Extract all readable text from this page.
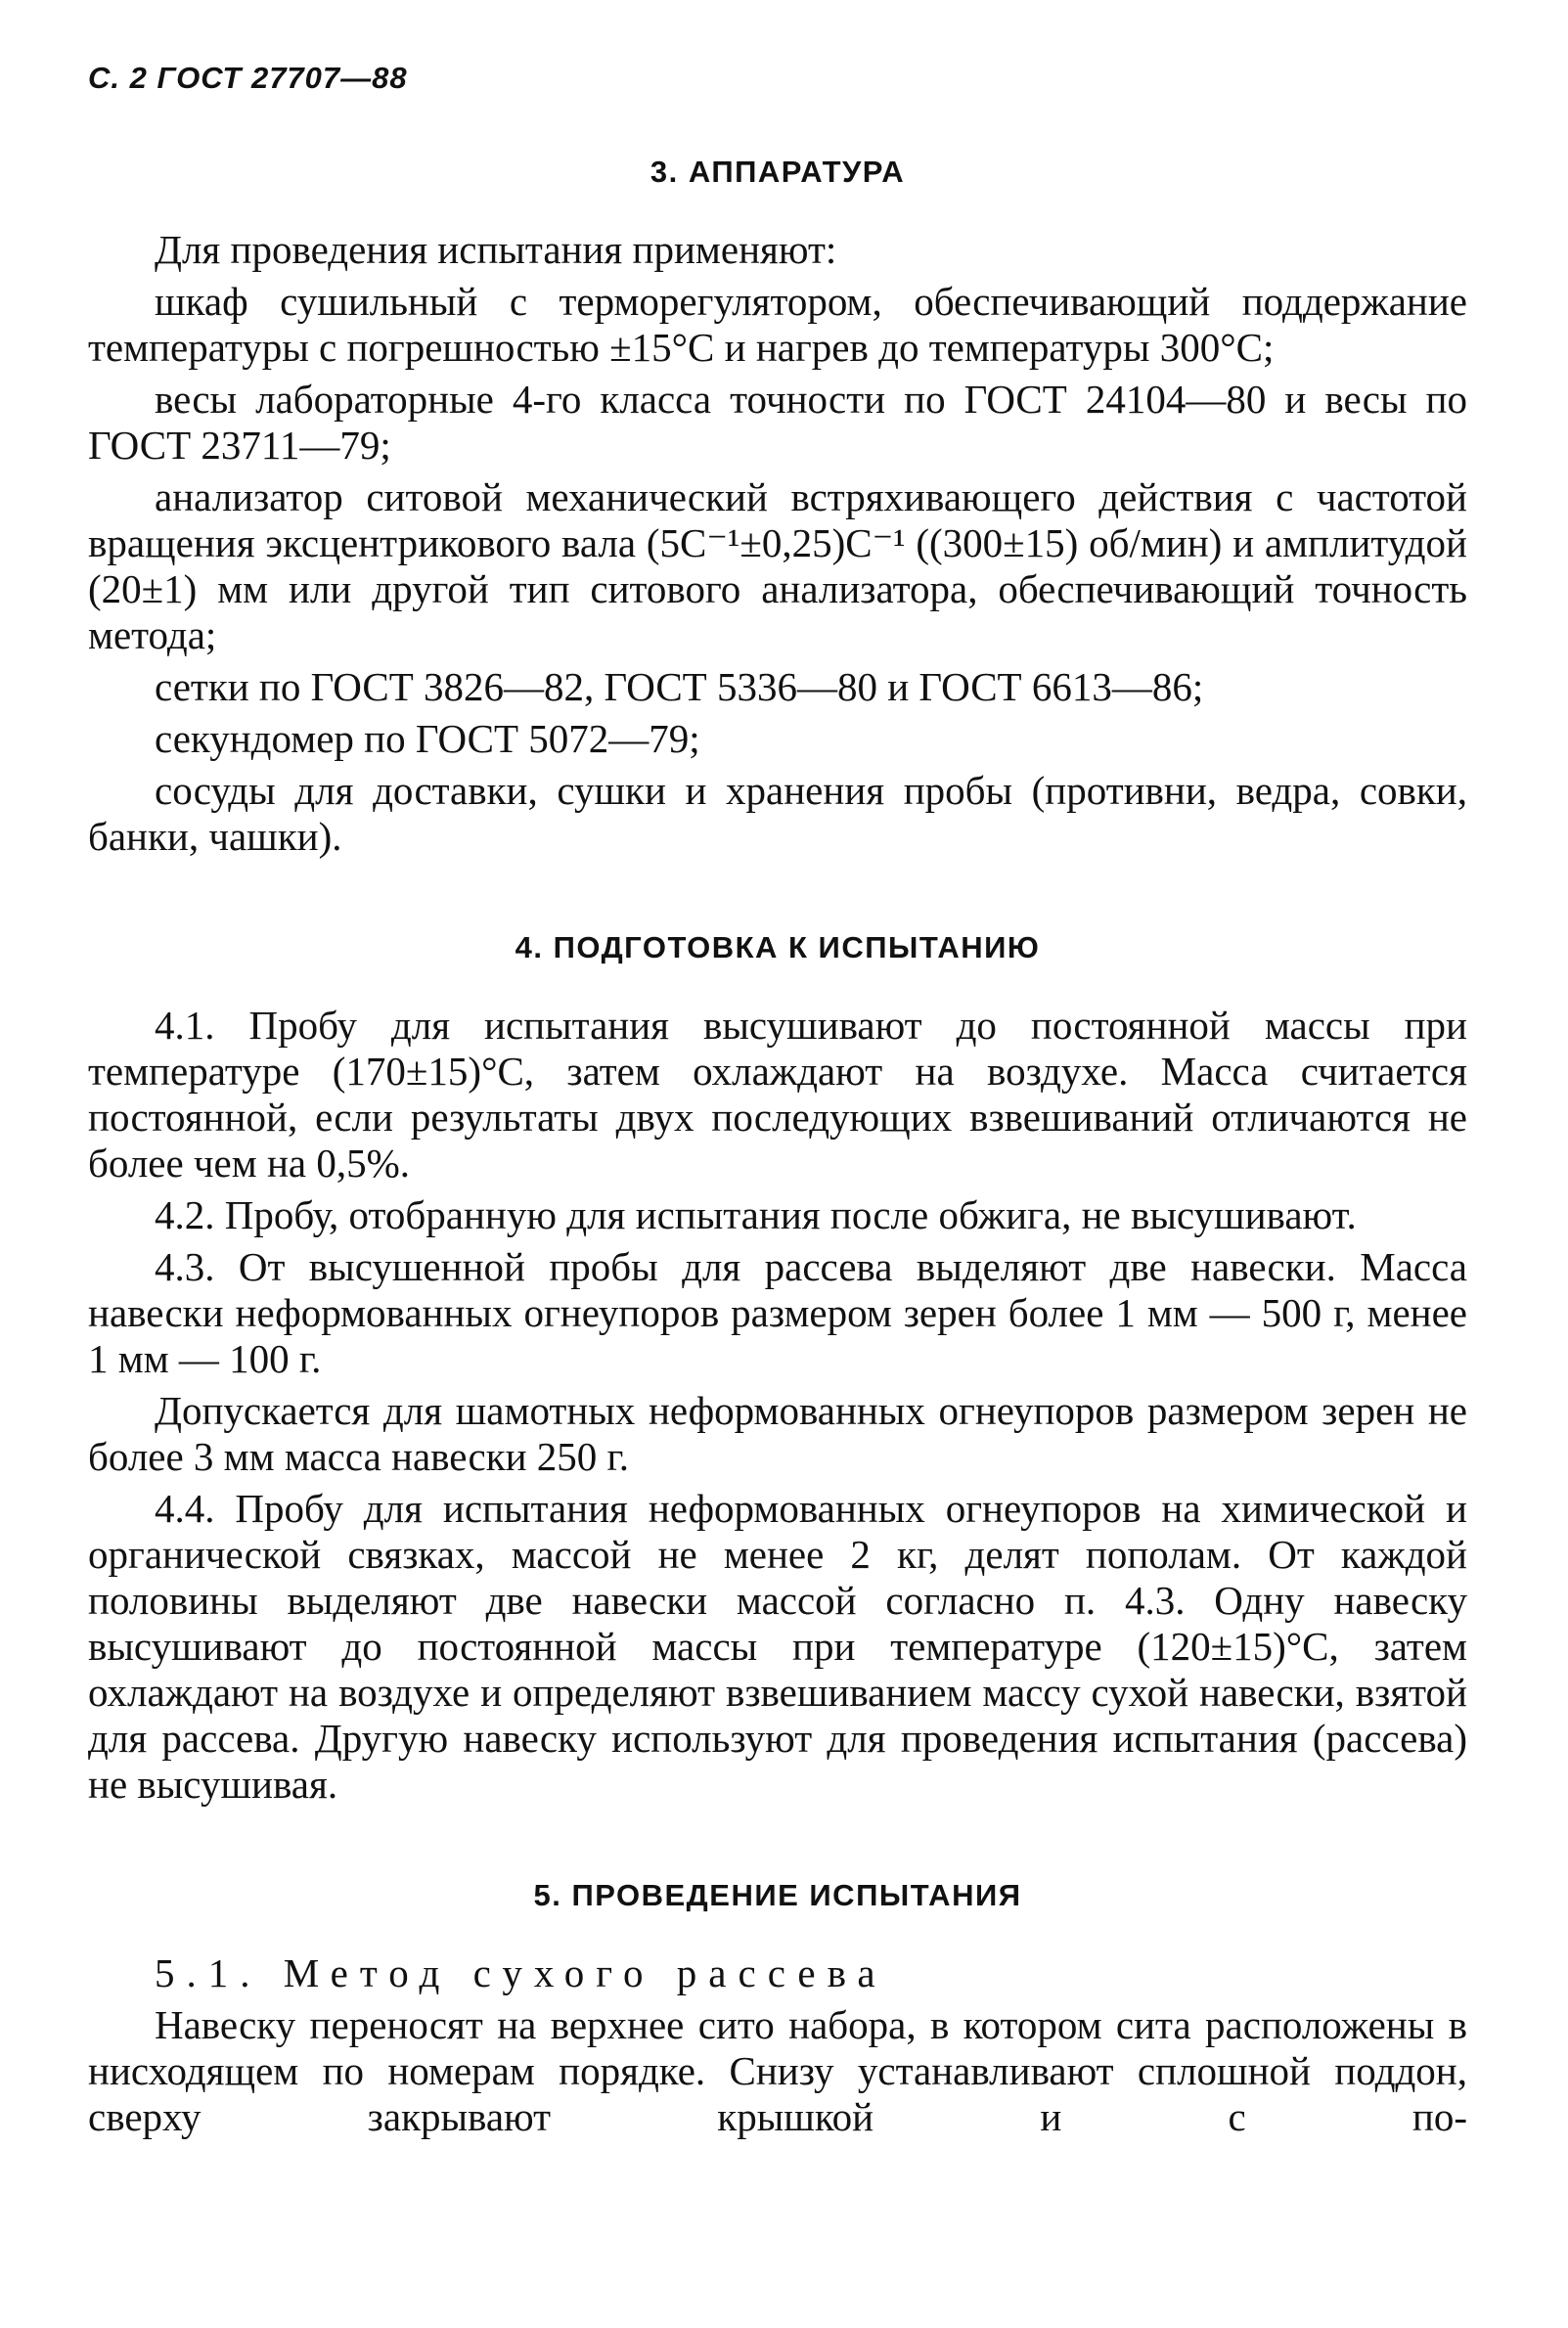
С. 2 ГОСТ 27707—88
3. АППАРАТУРА

Для проведения испытания применяют:

шкаф сушильный с терморегулятором, обеспечивающий поддержание температуры с погрешностью ±15°С и нагрев до температуры 300°С;

весы лабораторные 4-го класса точности по ГОСТ 24104—80 и весы по ГОСТ 23711—79;

анализатор ситовой механический встряхивающего действия с частотой вращения эксцентрикового вала (5С⁻¹±0,25)С⁻¹ ((300±15) об/мин) и амплитудой (20±1) мм или другой тип ситового анализатора, обеспечивающий точность метода;

сетки по ГОСТ 3826—82, ГОСТ 5336—80 и ГОСТ 6613—86;

секундомер по ГОСТ 5072—79;

сосуды для доставки, сушки и хранения пробы (противни, ведра, совки, банки, чашки).

4. ПОДГОТОВКА К ИСПЫТАНИЮ

4.1. Пробу для испытания высушивают до постоянной массы при температуре (170±15)°С, затем охлаждают на воздухе. Масса считается постоянной, если результаты двух последующих взвешиваний отличаются не более чем на 0,5%.

4.2. Пробу, отобранную для испытания после обжига, не высушивают.

4.3. От высушенной пробы для рассева выделяют две навески. Масса навески неформованных огнеупоров размером зерен более 1 мм — 500 г, менее 1 мм — 100 г.

Допускается для шамотных неформованных огнеупоров размером зерен не более 3 мм масса навески 250 г.

4.4. Пробу для испытания неформованных огнеупоров на химической и органической связках, массой не менее 2 кг, делят пополам. От каждой половины выделяют две навески массой согласно п. 4.3. Одну навеску высушивают до постоянной массы при температуре (120±15)°С, затем охлаждают на воздухе и определяют взвешиванием массу сухой навески, взятой для рассева. Другую навеску используют для проведения испытания (рассева) не высушивая.

5. ПРОВЕДЕНИЕ ИСПЫТАНИЯ

5.1. Метод сухого рассева

Навеску переносят на верхнее сито набора, в котором сита расположены в нисходящем по номерам порядке. Снизу устанавливают сплошной поддон, сверху закрывают крышкой и с по-
